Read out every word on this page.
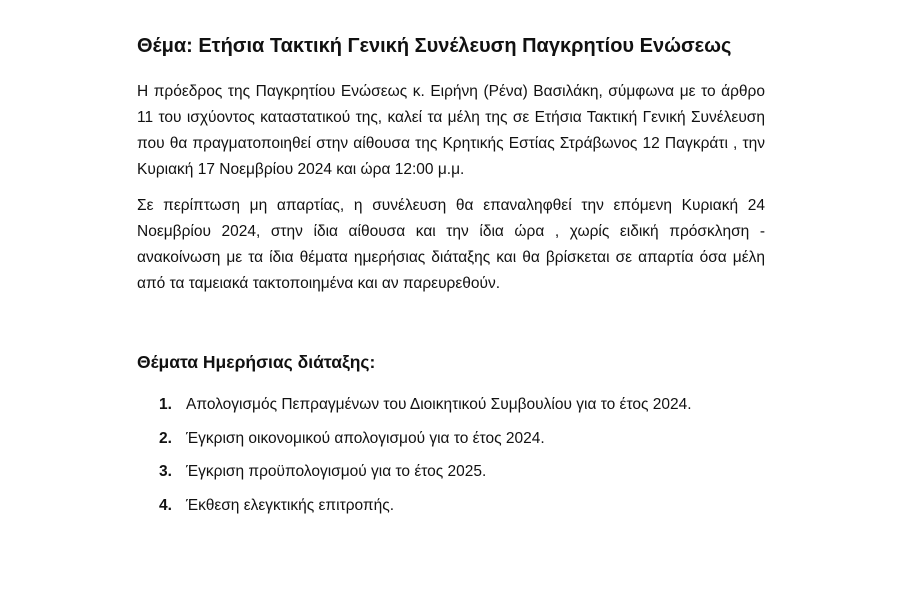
Θέμα: Ετήσια Τακτική Γενική Συνέλευση Παγκρητίου Ενώσεως

Η πρόεδρος της Παγκρητίου Ενώσεως κ. Ειρήνη (Ρένα) Βασιλάκη, σύμφωνα με το άρθρο 11 του ισχύοντος καταστατικού της, καλεί τα μέλη της σε Ετήσια Τακτική Γενική Συνέλευση που θα πραγματοποιηθεί στην αίθουσα της Κρητικής Εστίας Στράβωνος 12 Παγκράτι , την Κυριακή 17 Νοεμβρίου 2024 και ώρα 12:00 μ.μ.

Σε περίπτωση μη απαρτίας, η συνέλευση θα επαναληφθεί την επόμενη Κυριακή 24 Νοεμβρίου 2024, στην ίδια αίθουσα και την ίδια ώρα , χωρίς ειδική πρόσκληση - ανακοίνωση με τα ίδια θέματα ημερήσιας διάταξης και θα βρίσκεται σε απαρτία όσα μέλη από τα ταμειακά τακτοποιημένα και αν παρευρεθούν.

Θέματα Ημερήσιας διάταξης:
1. Απολογισμός Πεπραγμένων του Διοικητικού Συμβουλίου για το έτος 2024.
2. Έγκριση οικονομικού απολογισμού για το έτος 2024.
3. Έγκριση προϋπολογισμού για το έτος 2025.
4. Έκθεση ελεγκτικής επιτροπής.
